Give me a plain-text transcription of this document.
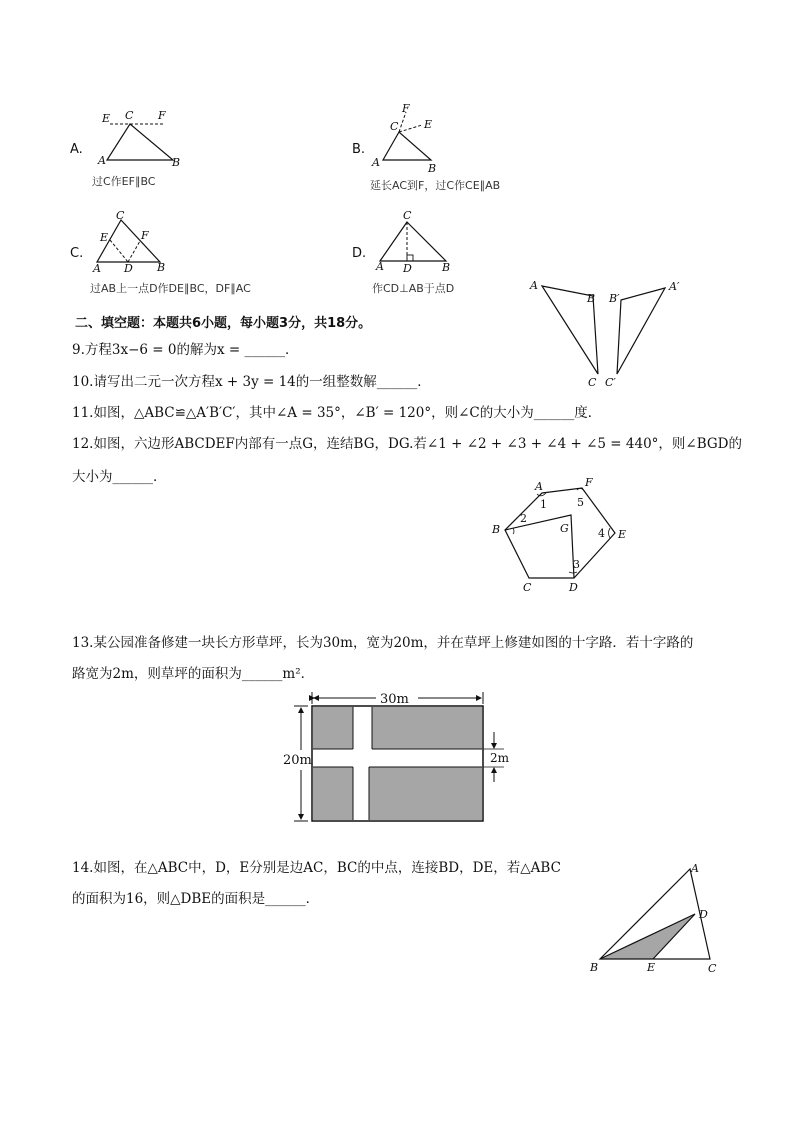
A.
E C F
A	B
过C作EF∥BC
B.
F
E
C
A	B
延长AC到F，过C作CE∥AB
C.
C
E	F
A D B
过AB上一点D作DE∥BC，DF∥AC
D.
C
A D	B
作CD⊥AB于点D	A
B
C
A′
B′
C′
二、填空题：本题共6小题，每小题3分，共18分。
9.方程3x−6 = 0的解为x = ______．
10.请写出二元一次方程x + 3y = 14的一组整数解______．
11.如图，△ABC≌△A′B′C′，其中∠A = 35°，∠B′ = 120°，则∠C的大小为______度．
12.如图，六边形ABCDEF内部有一点G，连结BG，DG.若∠1 + ∠2 + ∠3 + ∠4 + ∠5 = 440°，则∠BGD的
大小为______．
A
B
C	D
E
F
G
1
2
3
4
5
13.某公园准备修建一块长方形草坪，长为30m，宽为20m，并在草坪上修建如图的十字路．若十字路的
路宽为2m，则草坪的面积为______m²．
30m
20m	2m
14.如图，在△ABC中，D，E分别是边AC，BC的中点，连接BD，DE，若△ABC
的面积为16，则△DBE的面积是______．
A
B	C
D
E
